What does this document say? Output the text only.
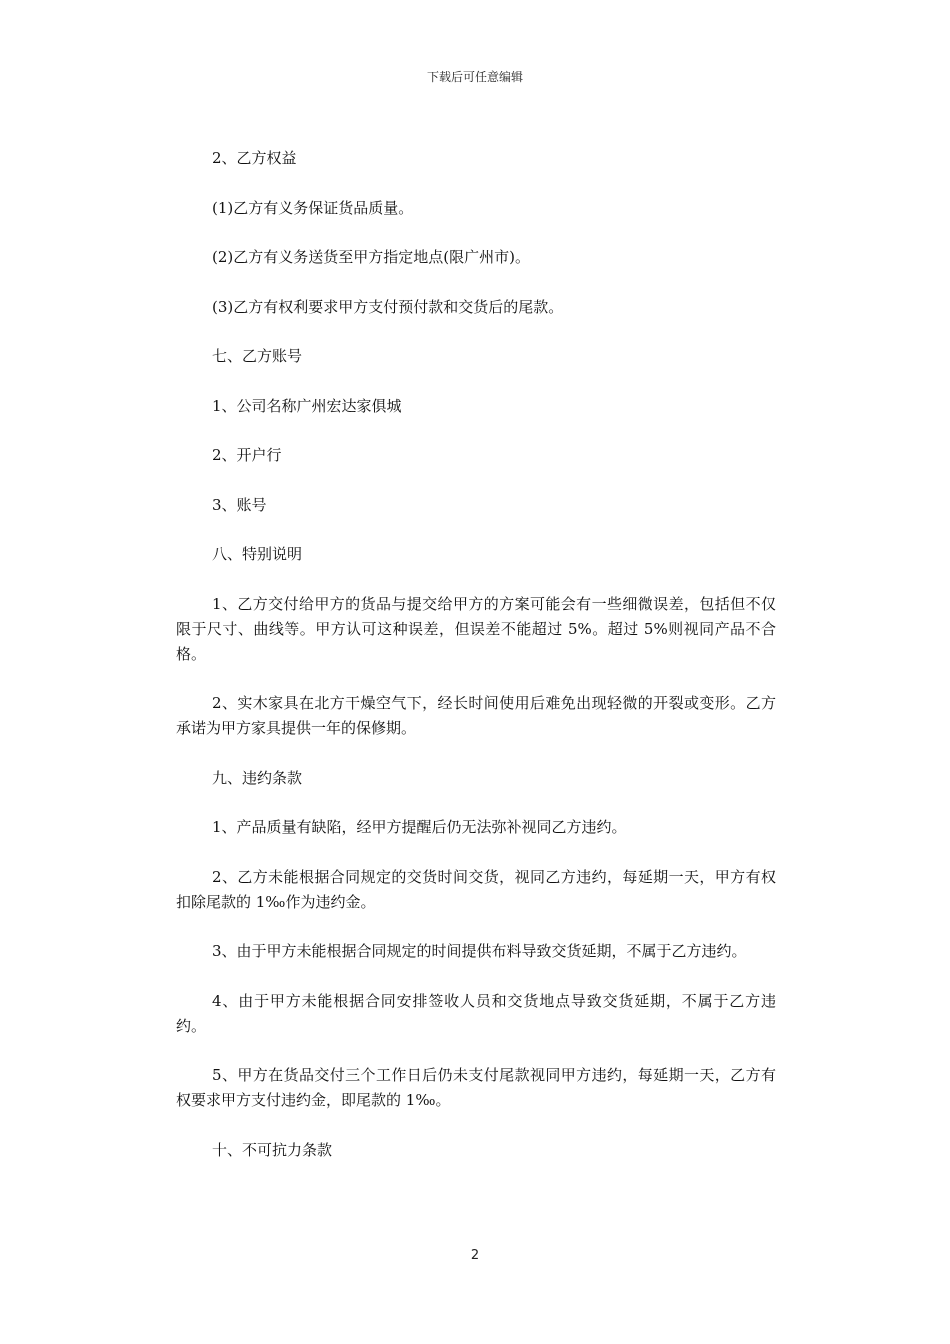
下载后可任意编辑

2、乙方权益

(1)乙方有义务保证货品质量。

(2)乙方有义务送货至甲方指定地点(限广州市)。

(3)乙方有权利要求甲方支付预付款和交货后的尾款。

七、乙方账号

1、公司名称广州宏达家俱城

2、开户行

3、账号

八、特别说明

1、乙方交付给甲方的货品与提交给甲方的方案可能会有一些细微误差，包括但不仅限于尺寸、曲线等。甲方认可这种误差，但误差不能超过 5%。超过 5%则视同产品不合格。

2、实木家具在北方干燥空气下，经长时间使用后难免出现轻微的开裂或变形。乙方承诺为甲方家具提供一年的保修期。

九、违约条款

1、产品质量有缺陷，经甲方提醒后仍无法弥补视同乙方违约。

2、乙方未能根据合同规定的交货时间交货，视同乙方违约，每延期一天，甲方有权扣除尾款的 1‰作为违约金。

3、由于甲方未能根据合同规定的时间提供布料导致交货延期，不属于乙方违约。

4、由于甲方未能根据合同安排签收人员和交货地点导致交货延期，不属于乙方违约。

5、甲方在货品交付三个工作日后仍未支付尾款视同甲方违约，每延期一天，乙方有权要求甲方支付违约金，即尾款的 1‰。

十、不可抗力条款

2
